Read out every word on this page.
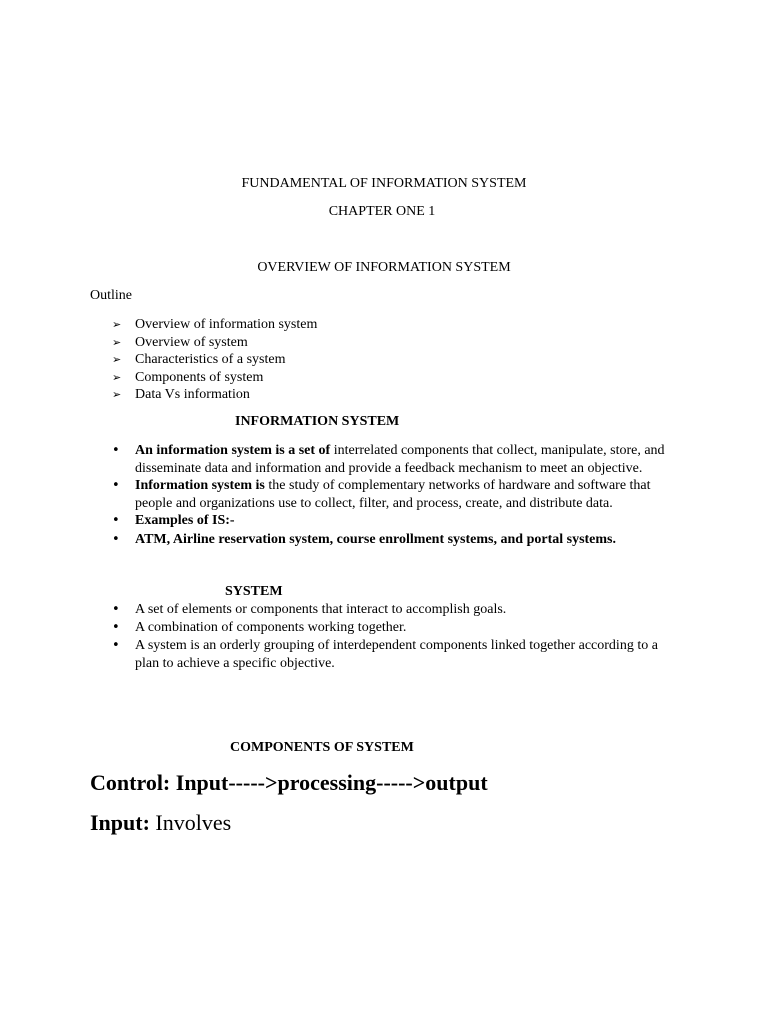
FUNDAMENTAL OF INFORMATION SYSTEM
CHAPTER ONE 1
OVERVIEW OF INFORMATION SYSTEM
Outline
➢ Overview of information system
➢ Overview of system
➢ Characteristics of a system
➢ Components of system
➢ Data Vs information
INFORMATION SYSTEM
• An information system is a set of interrelated components that collect, manipulate, store, and disseminate data and information and provide a feedback mechanism to meet an objective.
• Information system is the study of complementary networks of hardware and software that people and organizations use to collect, filter, and process, create, and distribute data.
• Examples of IS:-
• ATM, Airline reservation system, course enrollment systems, and portal systems.
SYSTEM
• A set of elements or components that interact to accomplish goals.
• A combination of components working together.
• A system is an orderly grouping of interdependent components linked together according to a plan to achieve a specific objective.
COMPONENTS OF SYSTEM
Control: Input----->processing----->output
Input: Involves
